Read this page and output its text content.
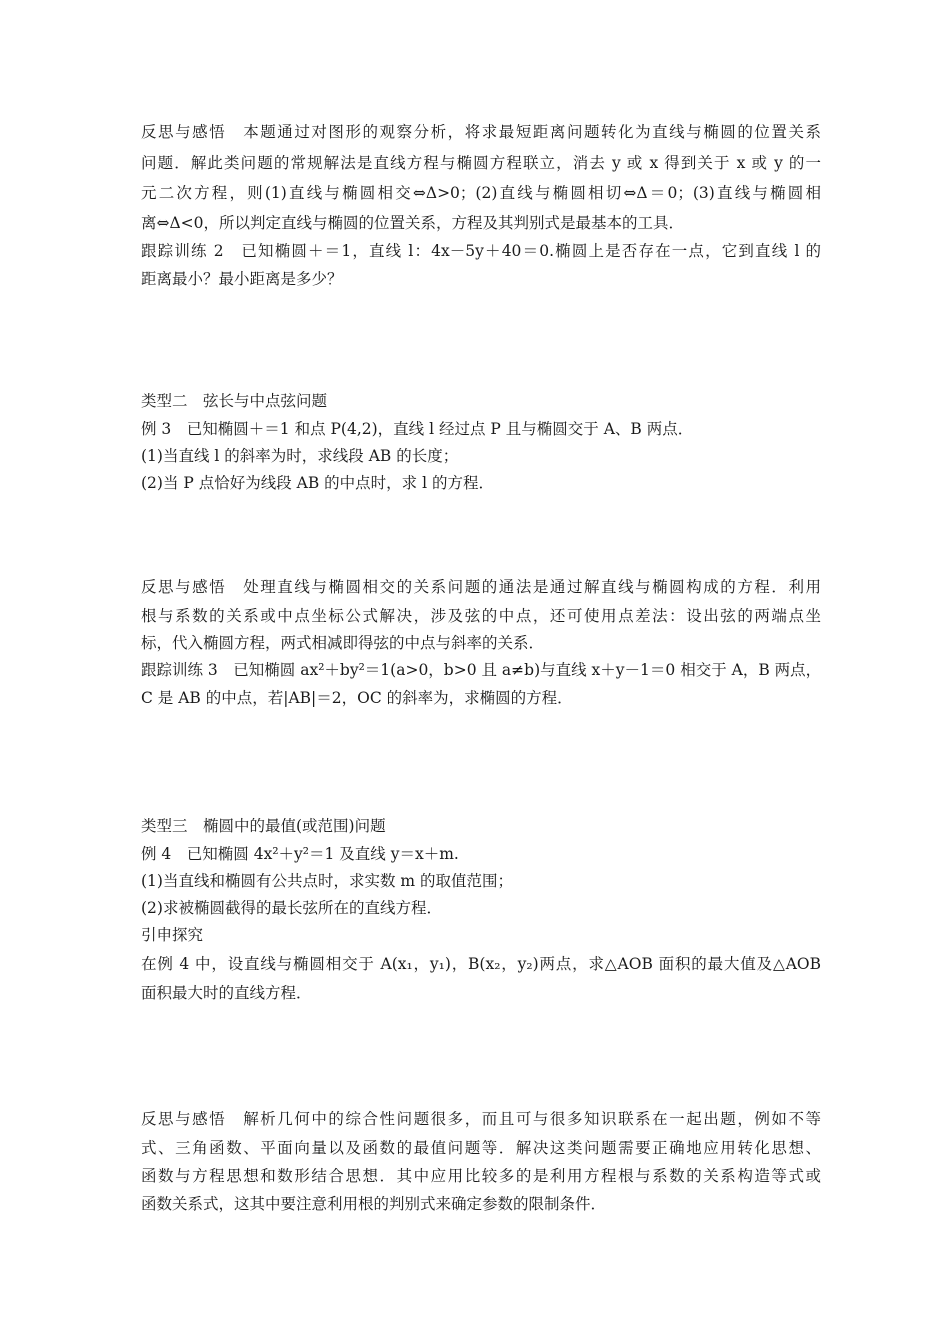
反思与感悟　本题通过对图形的观察分析，将求最短距离问题转化为直线与椭圆的位置关系
问题．解此类问题的常规解法是直线方程与椭圆方程联立，消去 y 或 x 得到关于 x 或 y 的一
元二次方程，则(1)直线与椭圆相交⇔Δ>0；(2)直线与椭圆相切⇔Δ＝0；(3)直线与椭圆相
离⇔Δ<0，所以判定直线与椭圆的位置关系，方程及其判别式是最基本的工具．
跟踪训练 2　已知椭圆＋＝1，直线 l：4x－5y＋40＝0.椭圆上是否存在一点，它到直线 l 的
距离最小？最小距离是多少？
类型二　弦长与中点弦问题
例 3　已知椭圆＋＝1 和点 P(4,2)，直线 l 经过点 P 且与椭圆交于 A、B 两点．
(1)当直线 l 的斜率为时，求线段 AB 的长度；
(2)当 P 点恰好为线段 AB 的中点时，求 l 的方程．
反思与感悟　处理直线与椭圆相交的关系问题的通法是通过解直线与椭圆构成的方程．利用
根与系数的关系或中点坐标公式解决，涉及弦的中点，还可使用点差法：设出弦的两端点坐
标，代入椭圆方程，两式相减即得弦的中点与斜率的关系．
跟踪训练 3　已知椭圆 ax²＋by²＝1(a>0，b>0 且 a≠b)与直线 x＋y－1＝0 相交于 A，B 两点，
C 是 AB 的中点，若|AB|＝2，OC 的斜率为，求椭圆的方程．
类型三　椭圆中的最值(或范围)问题
例 4　已知椭圆 4x²＋y²＝1 及直线 y＝x＋m.
(1)当直线和椭圆有公共点时，求实数 m 的取值范围；
(2)求被椭圆截得的最长弦所在的直线方程．
引申探究
在例 4 中，设直线与椭圆相交于 A(x₁，y₁)，B(x₂，y₂)两点，求△AOB 面积的最大值及△AOB
面积最大时的直线方程．
反思与感悟　解析几何中的综合性问题很多，而且可与很多知识联系在一起出题，例如不等
式、三角函数、平面向量以及函数的最值问题等．解决这类问题需要正确地应用转化思想、
函数与方程思想和数形结合思想．其中应用比较多的是利用方程根与系数的关系构造等式或
函数关系式，这其中要注意利用根的判别式来确定参数的限制条件．
